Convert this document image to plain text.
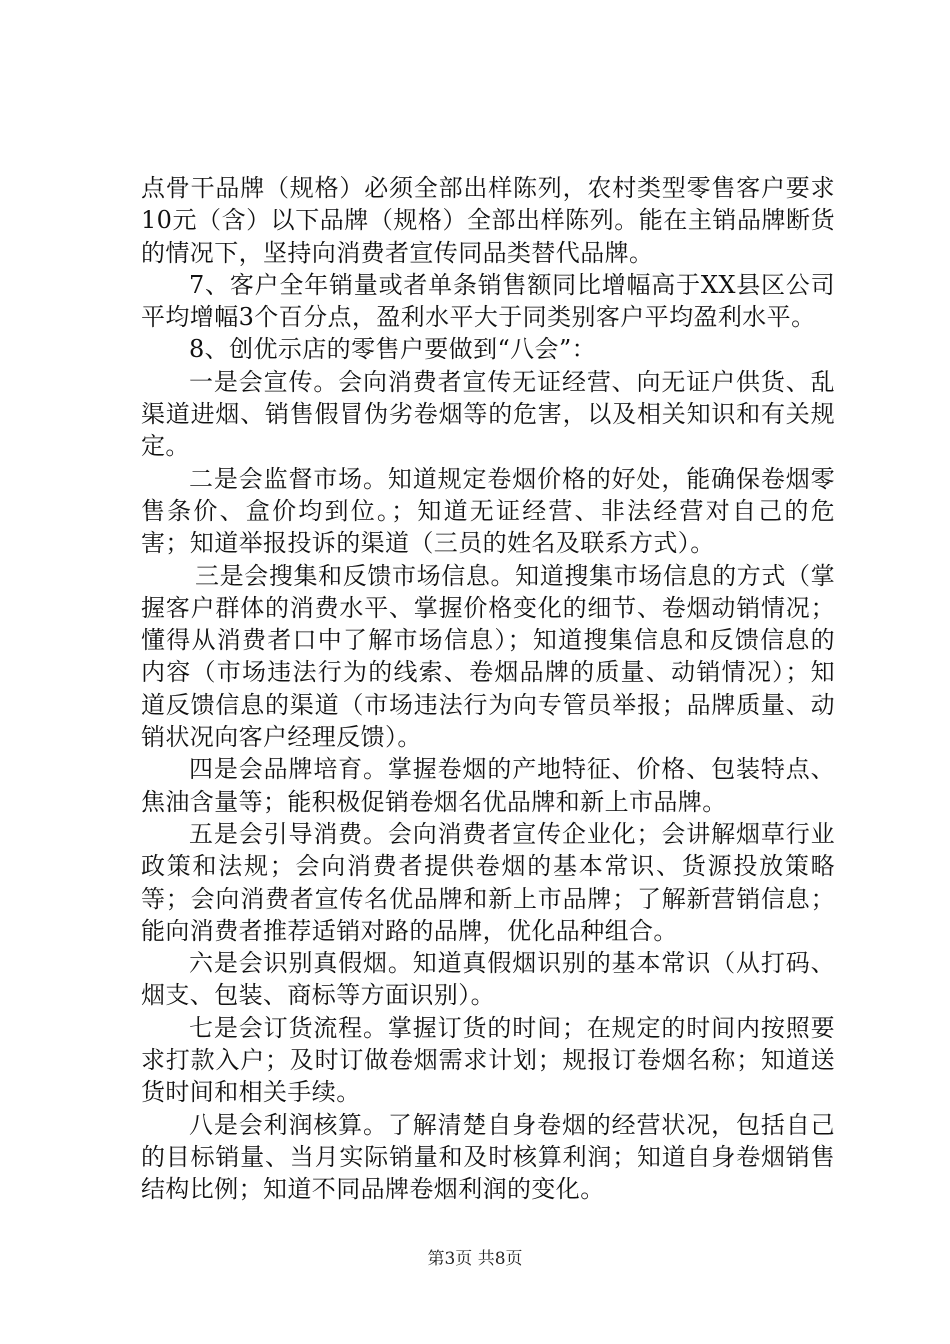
点骨干品牌（规格）必须全部出样陈列，农村类型零售客户要求10元（含）以下品牌（规格）全部出样陈列。能在主销品牌断货的情况下，坚持向消费者宣传同品类替代品牌。

7、客户全年销量或者单条销售额同比增幅高于XX县区公司平均增幅3个百分点，盈利水平大于同类别客户平均盈利水平。

8、创优示店的零售户要做到“八会”：

一是会宣传。会向消费者宣传无证经营、向无证户供货、乱渠道进烟、销售假冒伪劣卷烟等的危害，以及相关知识和有关规定。

二是会监督市场。知道规定卷烟价格的好处，能确保卷烟零售条价、盒价均到位。；知道无证经营、非法经营对自己的危害；知道举报投诉的渠道（三员的姓名及联系方式）。

三是会搜集和反馈市场信息。知道搜集市场信息的方式（掌握客户群体的消费水平、掌握价格变化的细节、卷烟动销情况；懂得从消费者口中了解市场信息）；知道搜集信息和反馈信息的内容（市场违法行为的线索、卷烟品牌的质量、动销情况）；知道反馈信息的渠道（市场违法行为向专管员举报；品牌质量、动销状况向客户经理反馈）。

四是会品牌培育。掌握卷烟的产地特征、价格、包装特点、焦油含量等；能积极促销卷烟名优品牌和新上市品牌。

五是会引导消费。会向消费者宣传企业化；会讲解烟草行业政策和法规；会向消费者提供卷烟的基本常识、货源投放策略等；会向消费者宣传名优品牌和新上市品牌；了解新营销信息；能向消费者推荐适销对路的品牌，优化品种组合。

六是会识别真假烟。知道真假烟识别的基本常识（从打码、烟支、包装、商标等方面识别）。

七是会订货流程。掌握订货的时间；在规定的时间内按照要求打款入户；及时订做卷烟需求计划；规报订卷烟名称；知道送货时间和相关手续。

八是会利润核算。了解清楚自身卷烟的经营状况，包括自己的目标销量、当月实际销量和及时核算利润；知道自身卷烟销售结构比例；知道不同品牌卷烟利润的变化。

第3页 共8页
